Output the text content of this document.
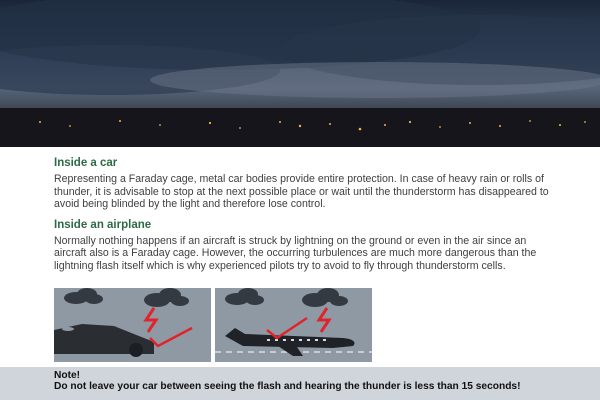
Inside a car

Representing a Faraday cage, metal car bodies provide entire protection. In case of heavy rain or rolls of thunder, it is advisable to stop at the next possible place or wait until the thunderstorm has disappeared to avoid being blinded by the light and therefore lose control.

Inside an airplane

Normally nothing happens if an aircraft is struck by lightning on the ground or even in the air since an aircraft also is a Faraday cage. However, the occurring turbulences are much more dangerous than the lightning flash itself which is why experienced pilots try to avoid to fly through thunderstorm cells.

Note!
Do not leave your car between seeing the flash and hearing the thunder is less than 15 seconds!
